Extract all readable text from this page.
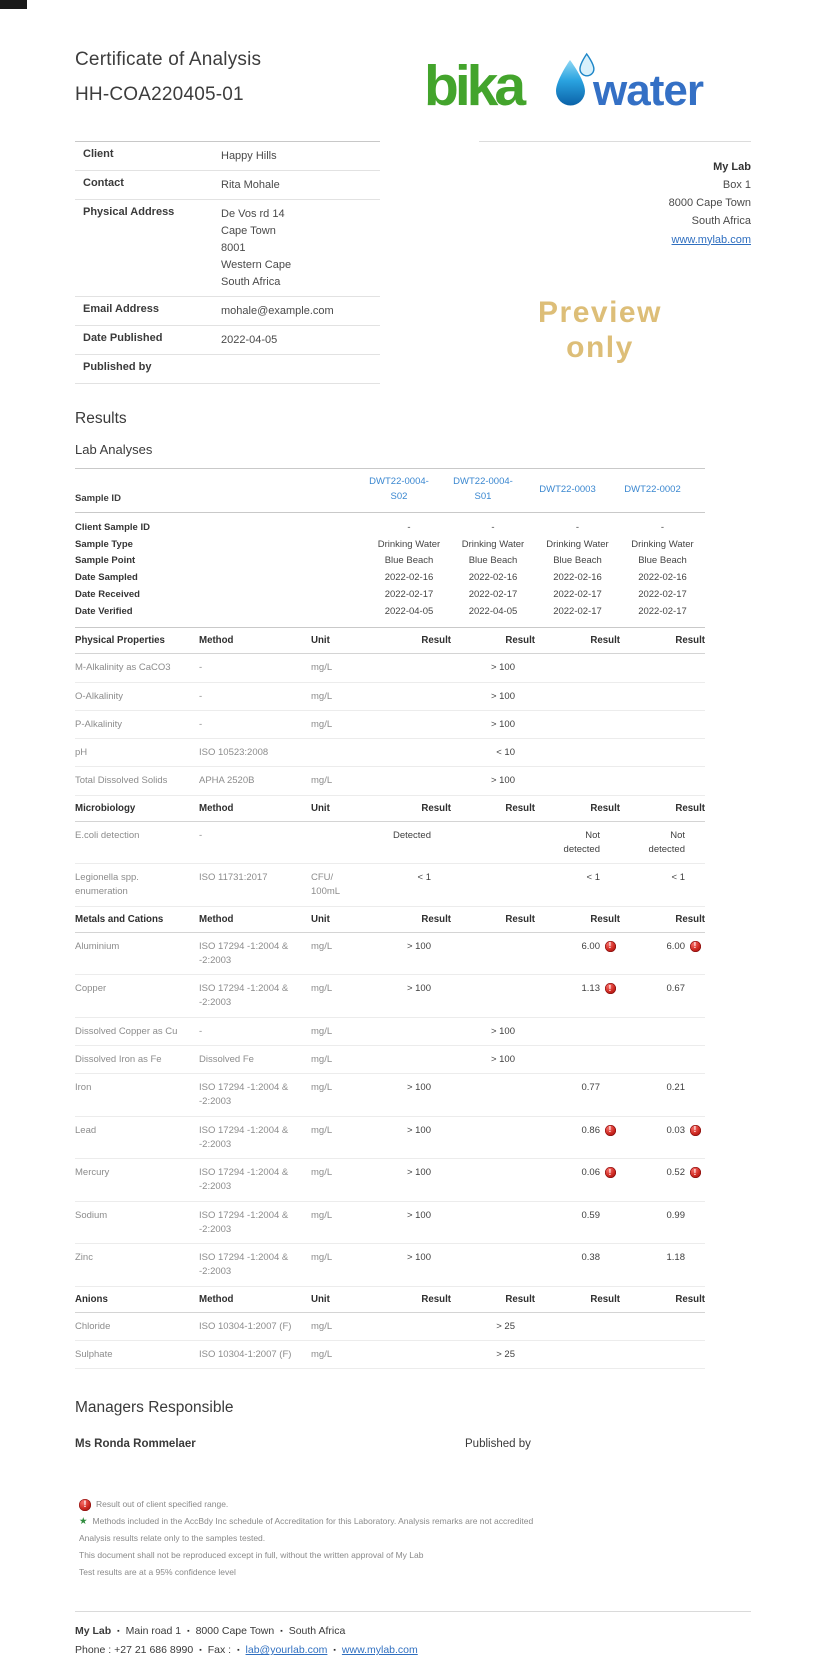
Certificate of Analysis
HH-COA220405-01	bika water
Client	Happy Hills
Contact	Rita Mohale
Physical Address	De Vos rd 14
Cape Town
8001
Western Cape
South Africa
Email Address	mohale@example.com
Date Published	2022-04-05
Published by
My Lab
Box 1
8000 Cape Town
South Africa
www.mylab.com
Preview
only
Results
Lab Analyses
Sample ID			DWT22-0004-S02	DWT22-0004-S01	DWT22-0003	DWT22-0002
Client Sample ID			-	-	-	-
Sample Type			Drinking Water	Drinking Water	Drinking Water	Drinking Water
Sample Point			Blue Beach	Blue Beach	Blue Beach	Blue Beach
Date Sampled			2022-02-16	2022-02-16	2022-02-16	2022-02-16
Date Received			2022-02-17	2022-02-17	2022-02-17	2022-02-17
Date Verified			2022-04-05	2022-04-05	2022-02-17	2022-02-17
Physical Properties	Method	Unit	Result	Result	Result	Result
M-Alkalinity as CaCO3	-	mg/L		> 100		

O-Alkalinity	-	mg/L		> 100		

P-Alkalinity	-	mg/L		> 100		

pH	ISO 10523:2008			< 10		

Total Dissolved Solids	APHA 2520B	mg/L		> 100		

Microbiology	Method	Unit	Result	Result	Result	Result
E.coli detection	-		Detected		Not detected	Not detected

Legionella spp. enumeration	ISO 11731:2017	CFU/ 100mL	< 1		< 1	< 1

Metals and Cations	Method	Unit	Result	Result	Result	Result
Aluminium	ISO 17294 -1:2004 & -2:2003	mg/L	> 100		6.00 !	6.00 !

Copper	ISO 17294 -1:2004 & -2:2003	mg/L	> 100		1.13 !	0.67

Dissolved Copper as Cu	-	mg/L		> 100		

Dissolved Iron as Fe	Dissolved Fe	mg/L		> 100		

Iron	ISO 17294 -1:2004 & -2:2003	mg/L	> 100		0.77	0.21

Lead	ISO 17294 -1:2004 & -2:2003	mg/L	> 100		0.86 !	0.03 !

Mercury	ISO 17294 -1:2004 & -2:2003	mg/L	> 100		0.06 !	0.52 !

Sodium	ISO 17294 -1:2004 & -2:2003	mg/L	> 100		0.59	0.99

Zinc	ISO 17294 -1:2004 & -2:2003	mg/L	> 100		0.38	1.18

Anions	Method	Unit	Result	Result	Result	Result
Chloride	ISO 10304-1:2007 (F)	mg/L		> 25		

Sulphate	ISO 10304-1:2007 (F)	mg/L		> 25		

Managers Responsible
Ms Ronda Rommelaer	Published by
!	Result out of client specified range.
★ Methods included in the AccBdy Inc schedule of Accreditation for this Laboratory. Analysis remarks are not accredited
Analysis results relate only to the samples tested.
This document shall not be reproduced except in full, without the written approval of My Lab
Test results are at a 95% confidence level
My Lab ▪ Main road 1 ▪ 8000 Cape Town ▪ South Africa
Phone : +27 21 686 8990 ▪ Fax : ▪ lab@yourlab.com ▪ www.mylab.com
